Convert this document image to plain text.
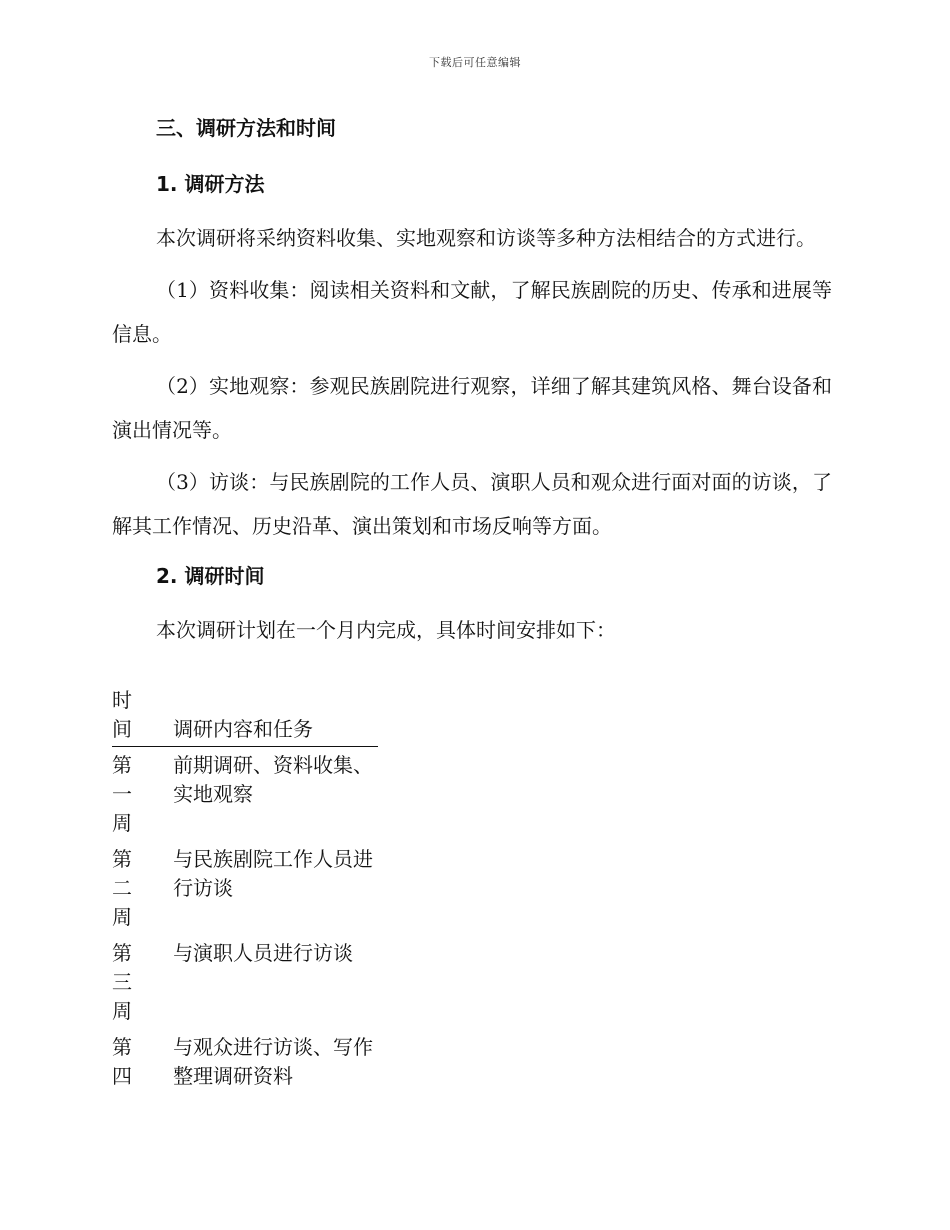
下载后可任意编辑
三、调研方法和时间
1. 调研方法

本次调研将采纳资料收集、实地观察和访谈等多种方法相结合的方式进行。

（1）资料收集：阅读相关资料和文献，了解民族剧院的历史、传承和进展等信息。

（2）实地观察：参观民族剧院进行观察，详细了解其建筑风格、舞台设备和演出情况等。

（3）访谈：与民族剧院的工作人员、演职人员和观众进行面对面的访谈，了解其工作情况、历史沿革、演出策划和市场反响等方面。

2. 调研时间

本次调研计划在一个月内完成，具体时间安排如下：

时间	调研内容和任务
第一周
前期调研、资料收集、实地观察
第二周
与民族剧院工作人员进行访谈
第三周
与演职人员进行访谈
第四
与观众进行访谈、写作整理调研资料
